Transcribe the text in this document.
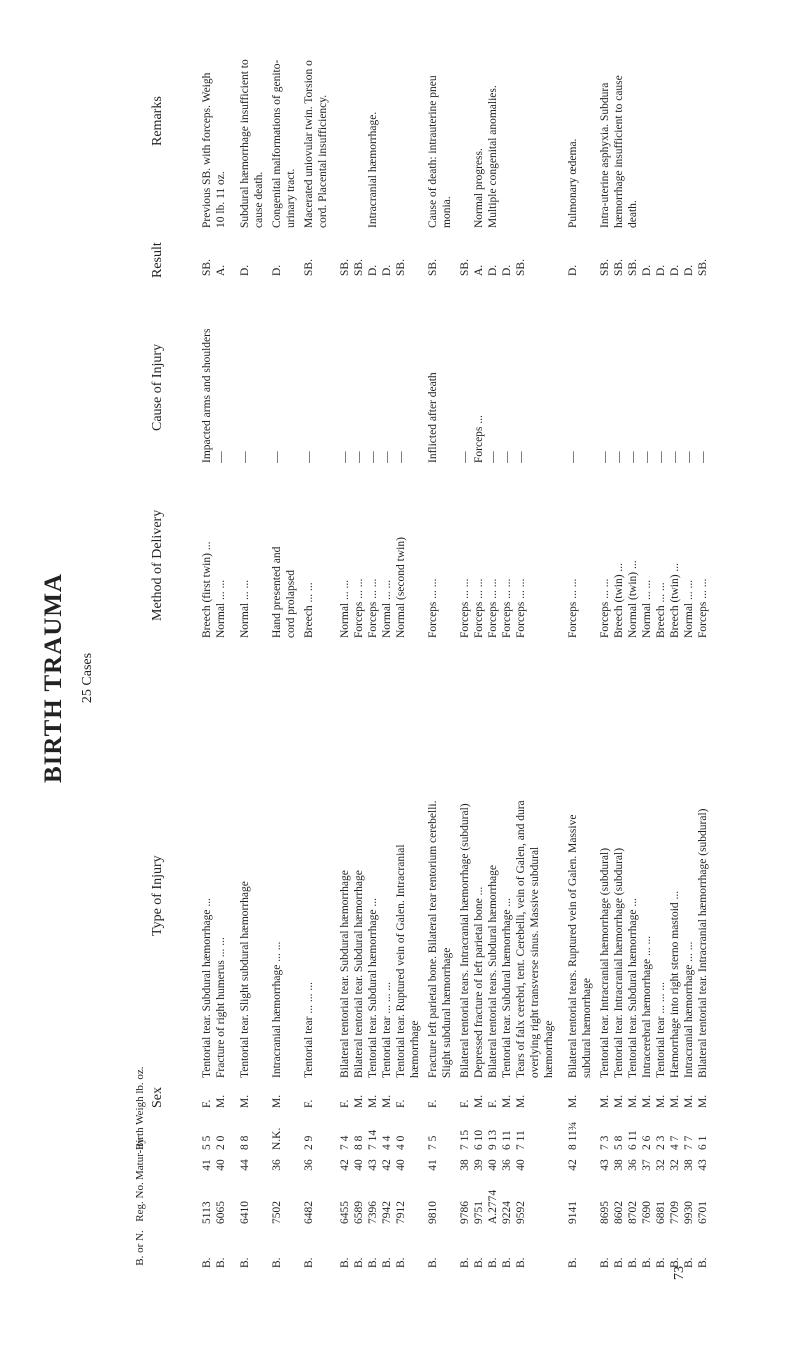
BIRTH TRAUMA 25 Cases
B. or N.
Reg. No.
Matur-ity
Birth Weigh lb. oz. Sex
Type of Injury
Method of Delivery
Cause of Injury
Result
Remarks
B.
5113
41
5 5
F.
Tentorial tear. Subdural hæmorrhage ...
Breech (first twin) ...
Impacted arms and shoulders
SB.
Previous SB. with forceps. Weigh
B.
6065
40
2 0
M.
Fracture of right humerus ... ...
Normal ... ...
—
A.
10 lb. 11 oz.
B.
6410
44
8 8
M.
Tentorial tear. Slight subdural hæmorrhage
Normal ... ...
—
D.
Subdural hæmorrhage insufficient to cause death.
B.
7502
36
N.K.
M.
Intracranial hæmorrhage ... ...
Hand presented and
—
D.
Congenital malformations of genito-
cord prolapsed
urinary tract.
B.
6482
36
2 9
F.
Tentorial tear ... ... ...
Breech ... ...
—
SB.
Macerated uniovular twin. Torsion o cord. Placental insufficiency.
B.
6455
42
7 4
F.
Bilateral tentorial tear. Subdural hæmorrhage
Normal ... ...
—
SB.
B.
6589
40
8 8
M.
Bilateral tentorial tear. Subdural hæmorrhage
Forceps ... ...
—
SB.
B.
7396
43
7 14
M.
Tentorial tear. Subdural hæmorrhage ...
Forceps ... ...
—
D.
Intracranial hæmorrhage.
B.
7942
42
4 4
M.
Tentorial tear ... ... ...
Normal ... ...
—
D.
B.
7912
40
4 0
F.
Tentorial tear. Ruptured vein of Galen. Intracranial
Normal (second twin)
—
SB.
hæmorrhage
B.
9810
41
7 5
F.
Fracture left parietal bone. Bilateral tear tentorium cerebelli.
Forceps ... ...
Inflicted after death
SB.
Cause of death: intrauterine pneu
Slight subdural hæmorrhage
monia.
B.
9786
38
7 15
F.
Bilateral tentorial tears. Intracranial hæmorrhage (subdural)
Forceps ... ...
—
SB.
B.
9751
39
6 10
M.
Depressed fracture of left parietal bone ...
Forceps ... ...
Forceps ...
A.
Normal progress.
B.
A.2774
40
9 13
F.
Bilateral tentorial tears. Subdural hæmorrhage
Forceps ... ...
—
D.
Multiple congenital anomalies.
B.
9224
36
6 11
M.
Tentorial tear. Subdural hæmorrhage ...
Forceps ... ...
—
D.
B.
9592
40
7 11
M.
Tears of falx cerebri, tent. Cerebelli, vein of Galen, and dura
Forceps ... ...
—
SB.
overlying right transverse sinus. Massive subdural hæmorrhage
B.
9141
42
8 11¾
M.
Bilateral tentorial tears. Ruptured vein of Galen. Massive
Forceps ... ...
—
D.
Pulmonary œdema.
subdural hæmorrhage
B.
8695
43
7 3
M.
Tentorial tear. Intracranial hæmorrhage (subdural)
Forceps ... ...
—
SB.
Intra-uterine asphyxia. Subdura
B.
8602
38
5 8
M.
Tentorial tear. Intracranial hæmorrhage (subdural)
Breech (twin) ...
—
SB.
hæmorrhage insufficient to cause
B.
8702
36
6 11
M.
Tentorial tear. Subdural hæmorrhage ...
Normal (twin) ...
—
SB.
death.
B.
7690
37
2 6
M.
Intracerebral hæmorrhage ... ...
Normal ... ...
—
D.
B.
6881
32
2 3
M.
Tentorial tear ... ... ...
Breech ... ...
—
D.
B.
7709
32
4 7
M.
Hæmorrhage into right sterno mastoid ...
Breech (twin) ...
—
D.
B.
9930
38
7 7
M.
Intracranial hæmorrhage ... ...
Normal ... ...
—
D.
B.
6701
43
6 1
M.
Bilateral tentorial tear. Intracranial hæmorrhage (subdural)
Forceps ... ...
—
SB.
73
